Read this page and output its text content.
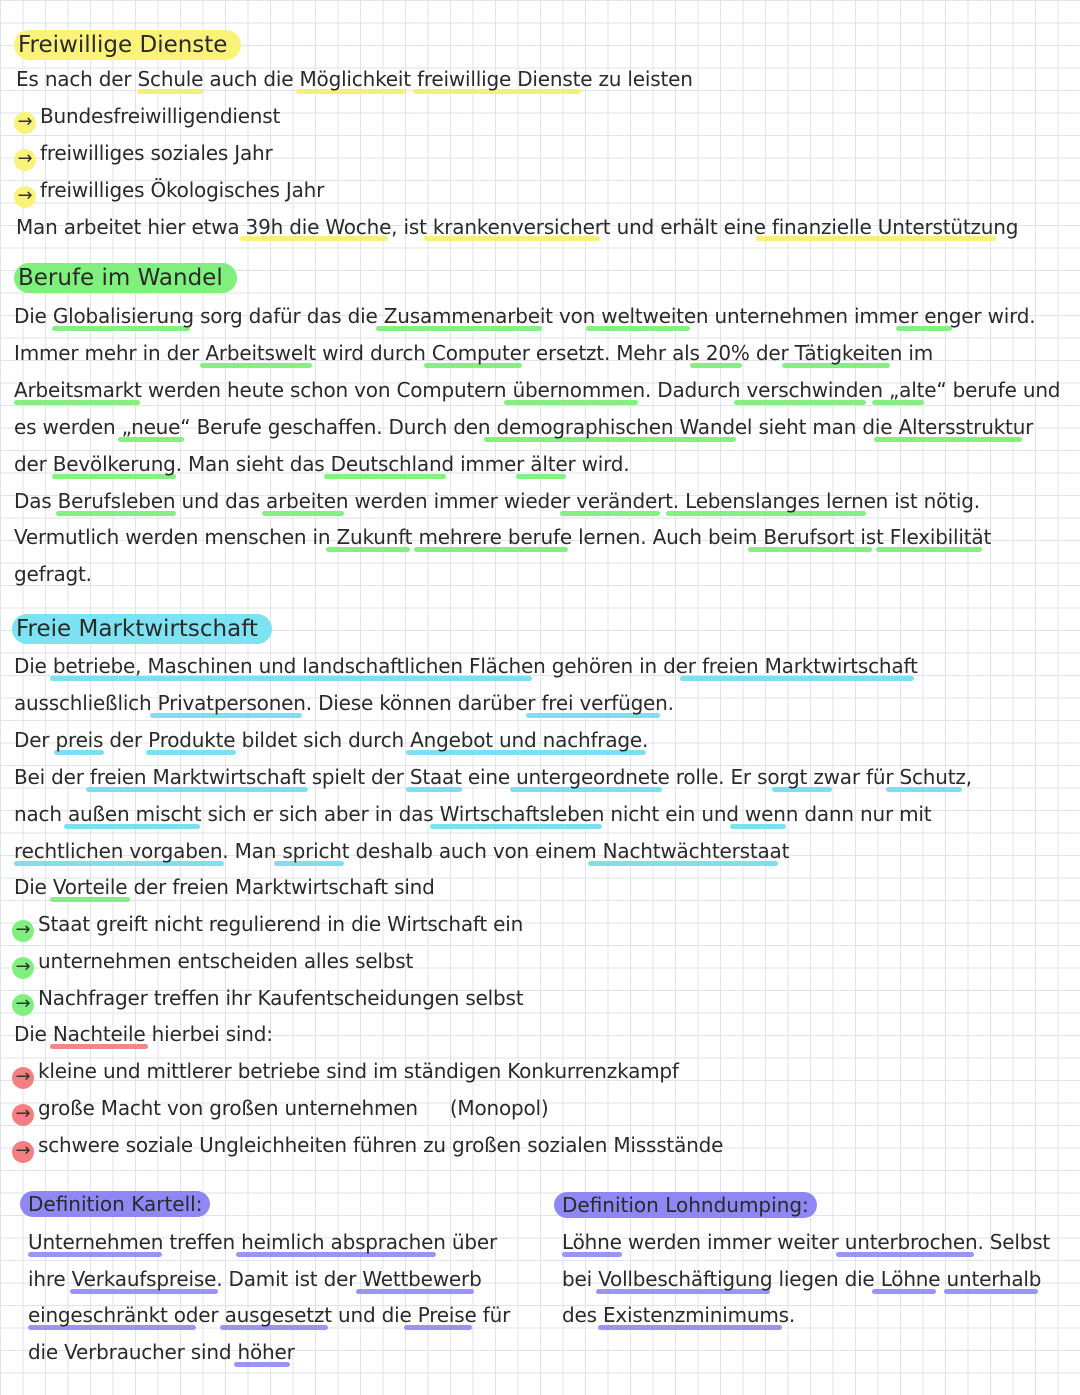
Freiwillige Dienste
Es nach der Schule auch die Möglichkeit freiwillige Dienste zu leisten
→ Bundesfreiwilligendienst
→ freiwilliges soziales Jahr
→ freiwilliges Ökologisches Jahr
Man arbeitet hier etwa 39h die Woche, ist krankenversichert und erhält eine finanzielle Unterstützung
Berufe im Wandel
Die Globalisierung sorg dafür das die Zusammenarbeit von weltweiten unternehmen immer enger wird.
Immer mehr in der Arbeitswelt wird durch Computer ersetzt. Mehr als 20% der Tätigkeiten im
Arbeitsmarkt werden heute schon von Computern übernommen. Dadurch verschwinden „alte“ berufe und
es werden „neue“ Berufe geschaffen. Durch den demographischen Wandel sieht man die Altersstruktur
der Bevölkerung. Man sieht das Deutschland immer älter wird.
Das Berufsleben und das arbeiten werden immer wieder verändert. Lebenslanges lernen ist nötig.
Vermutlich werden menschen in Zukunft mehrere berufe lernen. Auch beim Berufsort ist Flexibilität
gefragt.
Freie Marktwirtschaft
Die betriebe, Maschinen und landschaftlichen Flächen gehören in der freien Marktwirtschaft
ausschließlich Privatpersonen. Diese können darüber frei verfügen.
Der preis der Produkte bildet sich durch Angebot und nachfrage.
Bei der freien Marktwirtschaft spielt der Staat eine untergeordnete rolle. Er sorgt zwar für Schutz,
nach außen mischt sich er sich aber in das Wirtschaftsleben nicht ein und wenn dann nur mit
rechtlichen vorgaben. Man spricht deshalb auch von einem Nachtwächterstaat
Die Vorteile der freien Marktwirtschaft sind
→ Staat greift nicht regulierend in die Wirtschaft ein
→ unternehmen entscheiden alles selbst
→ Nachfrager treffen ihr Kaufentscheidungen selbst
Die Nachteile hierbei sind:
→ kleine und mittlerer betriebe sind im ständigen Konkurrenzkampf
→ große Macht von großen unternehmen (Monopol)
→ schwere soziale Ungleichheiten führen zu großen sozialen Missstände
Definition Kartell:
Unternehmen treffen heimlich absprachen über
ihre Verkaufspreise. Damit ist der Wettbewerb
eingeschränkt oder ausgesetzt und die Preise für
die Verbraucher sind höher
Definition Lohndumping:
Löhne werden immer weiter unterbrochen. Selbst
bei Vollbeschäftigung liegen die Löhne unterhalb
des Existenzminimums.
